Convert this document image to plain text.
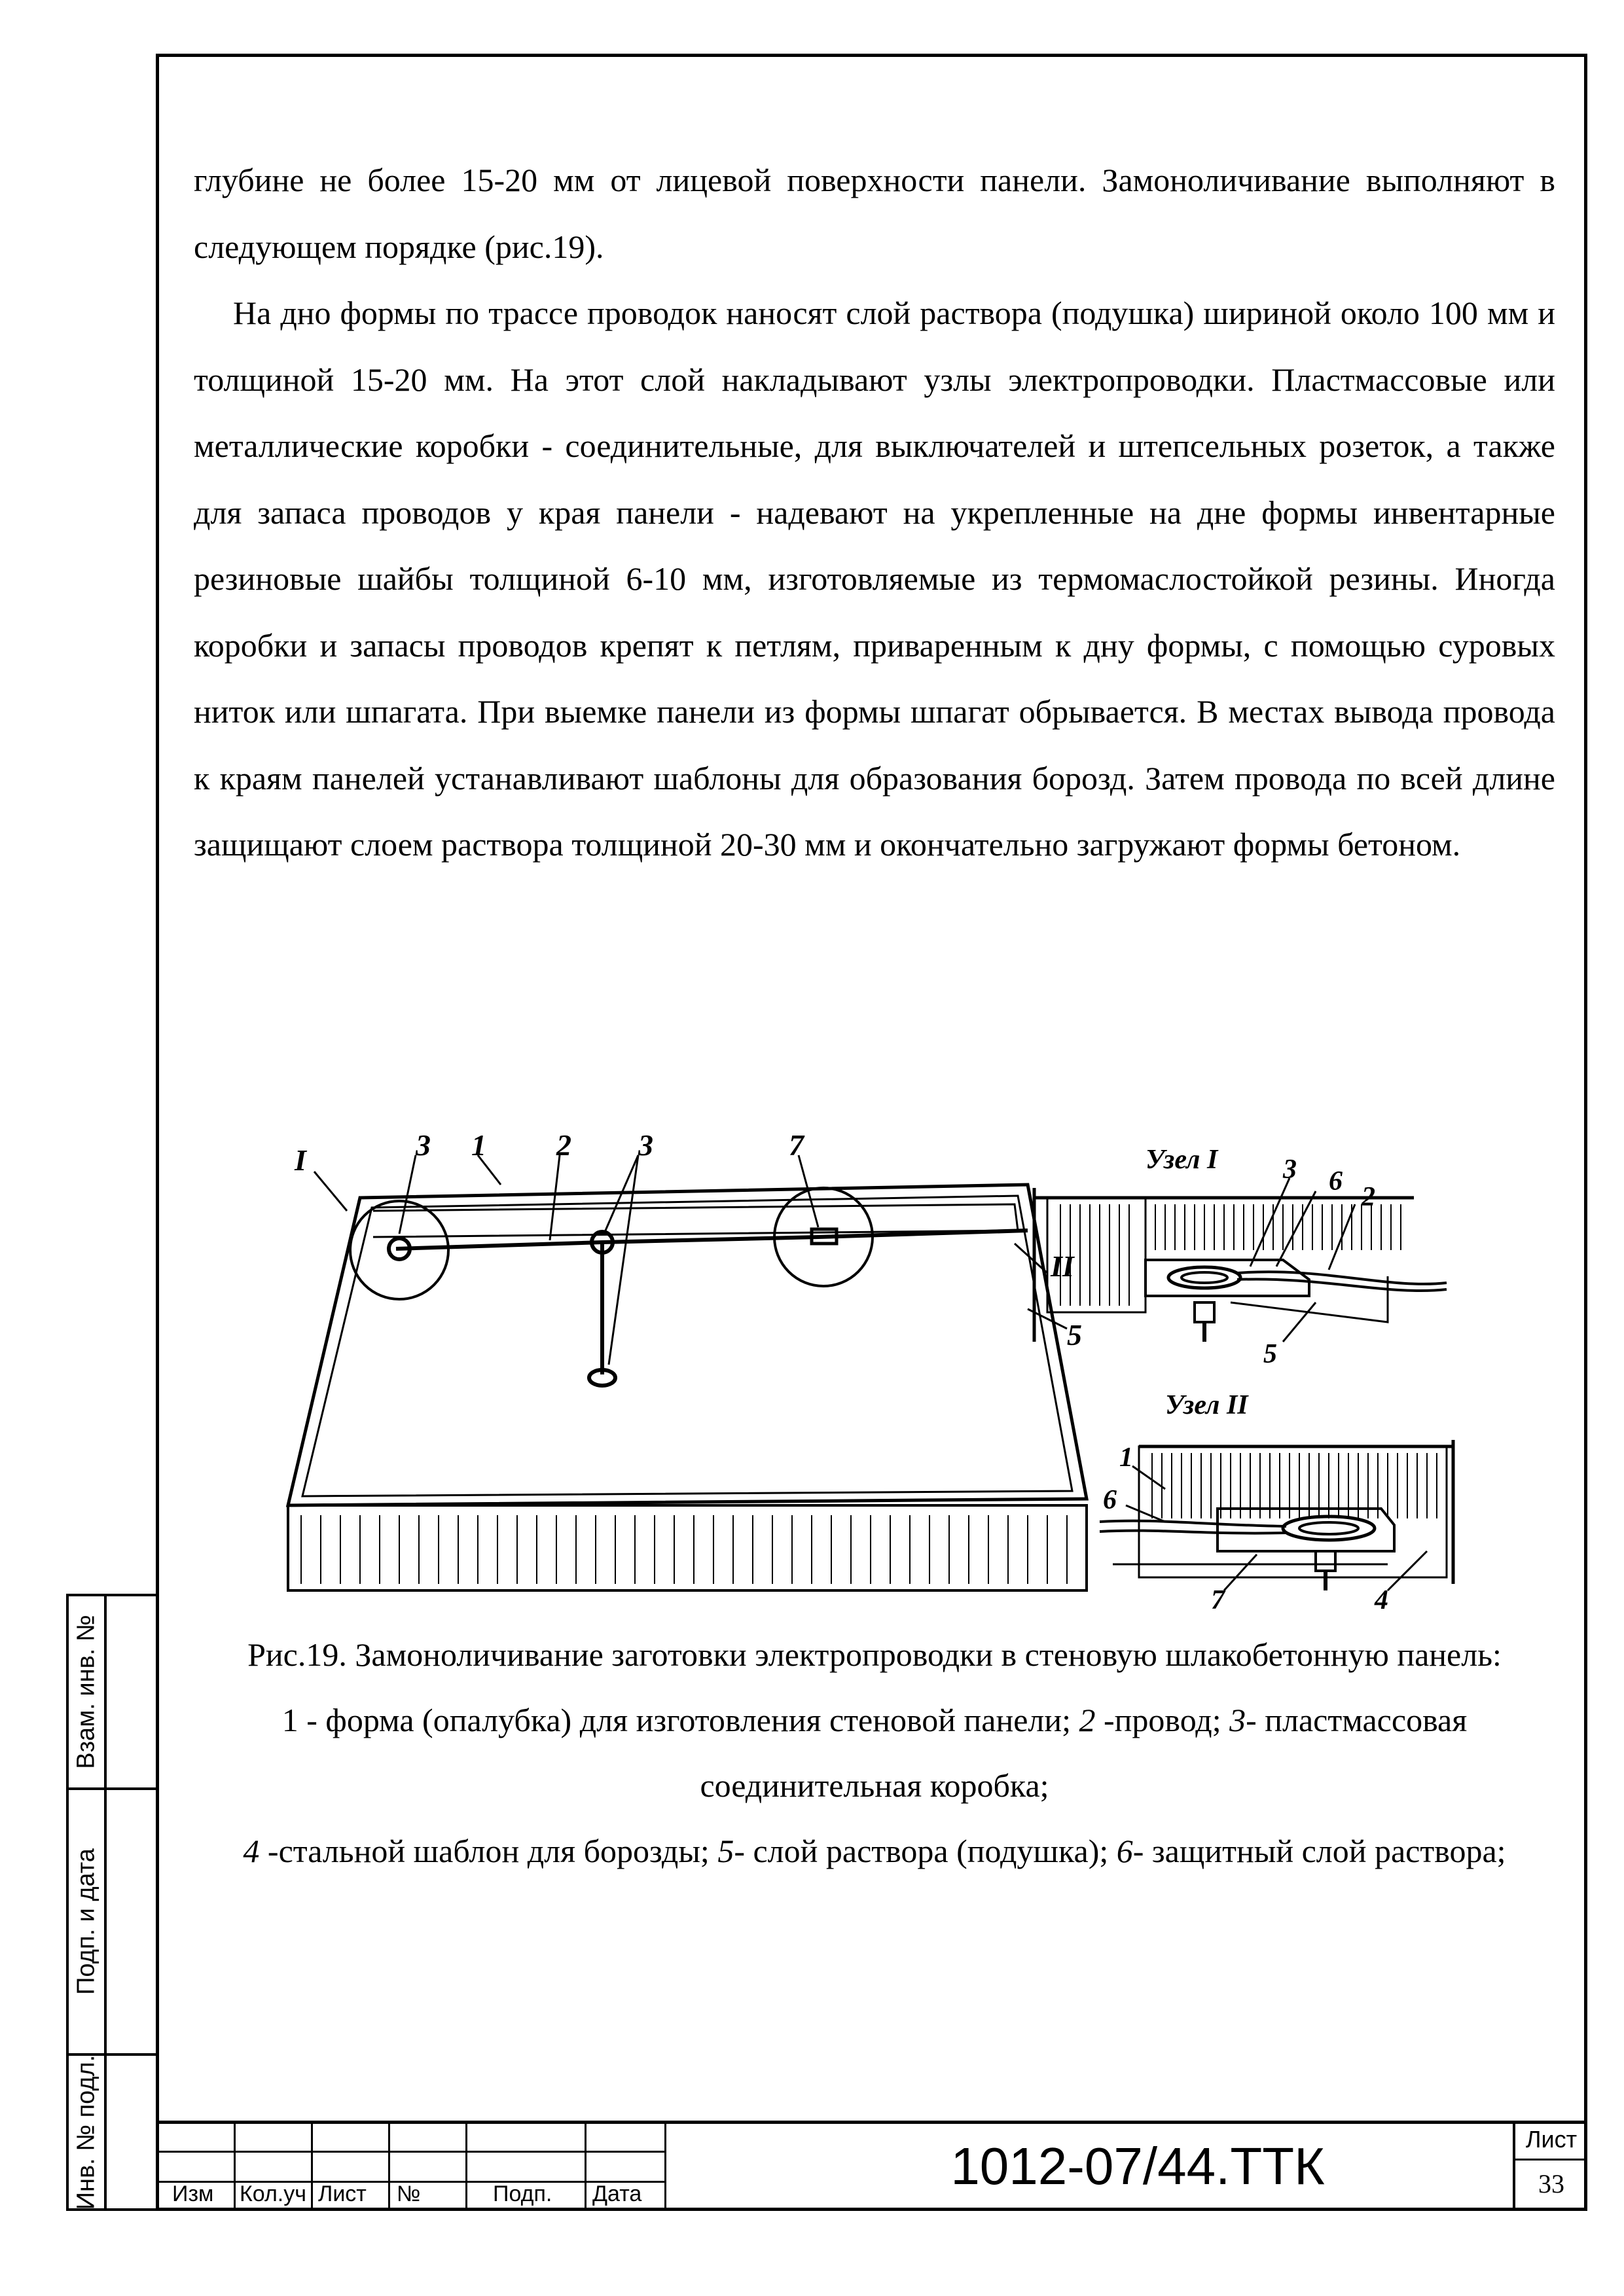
Взам. инв. №
Подп. и дата
Инв. № подл.

глубине не более 15-20 мм от лицевой поверхности панели. Замоноличивание выполняют в следующем порядке (рис.19).

На дно формы по трассе проводок наносят слой раствора (подушка) шириной около 100 мм и толщиной 15-20 мм. На этот слой накладывают узлы электропроводки. Пластмассовые или металлические коробки - соединительные, для выключателей и штепсельных розеток, а также для запаса проводов у края панели - надевают на укрепленные на дне формы инвентарные резиновые шайбы толщиной 6-10 мм, изготовляемые из термомаслостойкой резины. Иногда коробки и запасы проводов крепят к петлям, приваренным к дну формы, с помощью суровых ниток или шпагата. При выемке панели из формы шпагат обрывается. В местах вывода провода к краям панелей устанавливают шаблоны для образования борозд. Затем провода по всей длине защищают слоем раствора толщиной 20-30 мм и окончательно загружают формы бетоном.

I	3 1 2 3	7
II
5
Узел I 3 6
2
5
Узел II
1
6
7	4
Рис.19. Замоноличивание заготовки электропроводки в стеновую шлакобетонную панель:
1 - форма (опалубка) для изготовления стеновой панели; 2 -провод; 3- пластмассовая соединительная коробка;
4 -стальной шаблон для борозды; 5- слой раствора (подушка); 6- защитный слой раствора;
Изм Кол.уч Лист №	Подп. Дата	1012-07/44.ТТК	Лист
33
